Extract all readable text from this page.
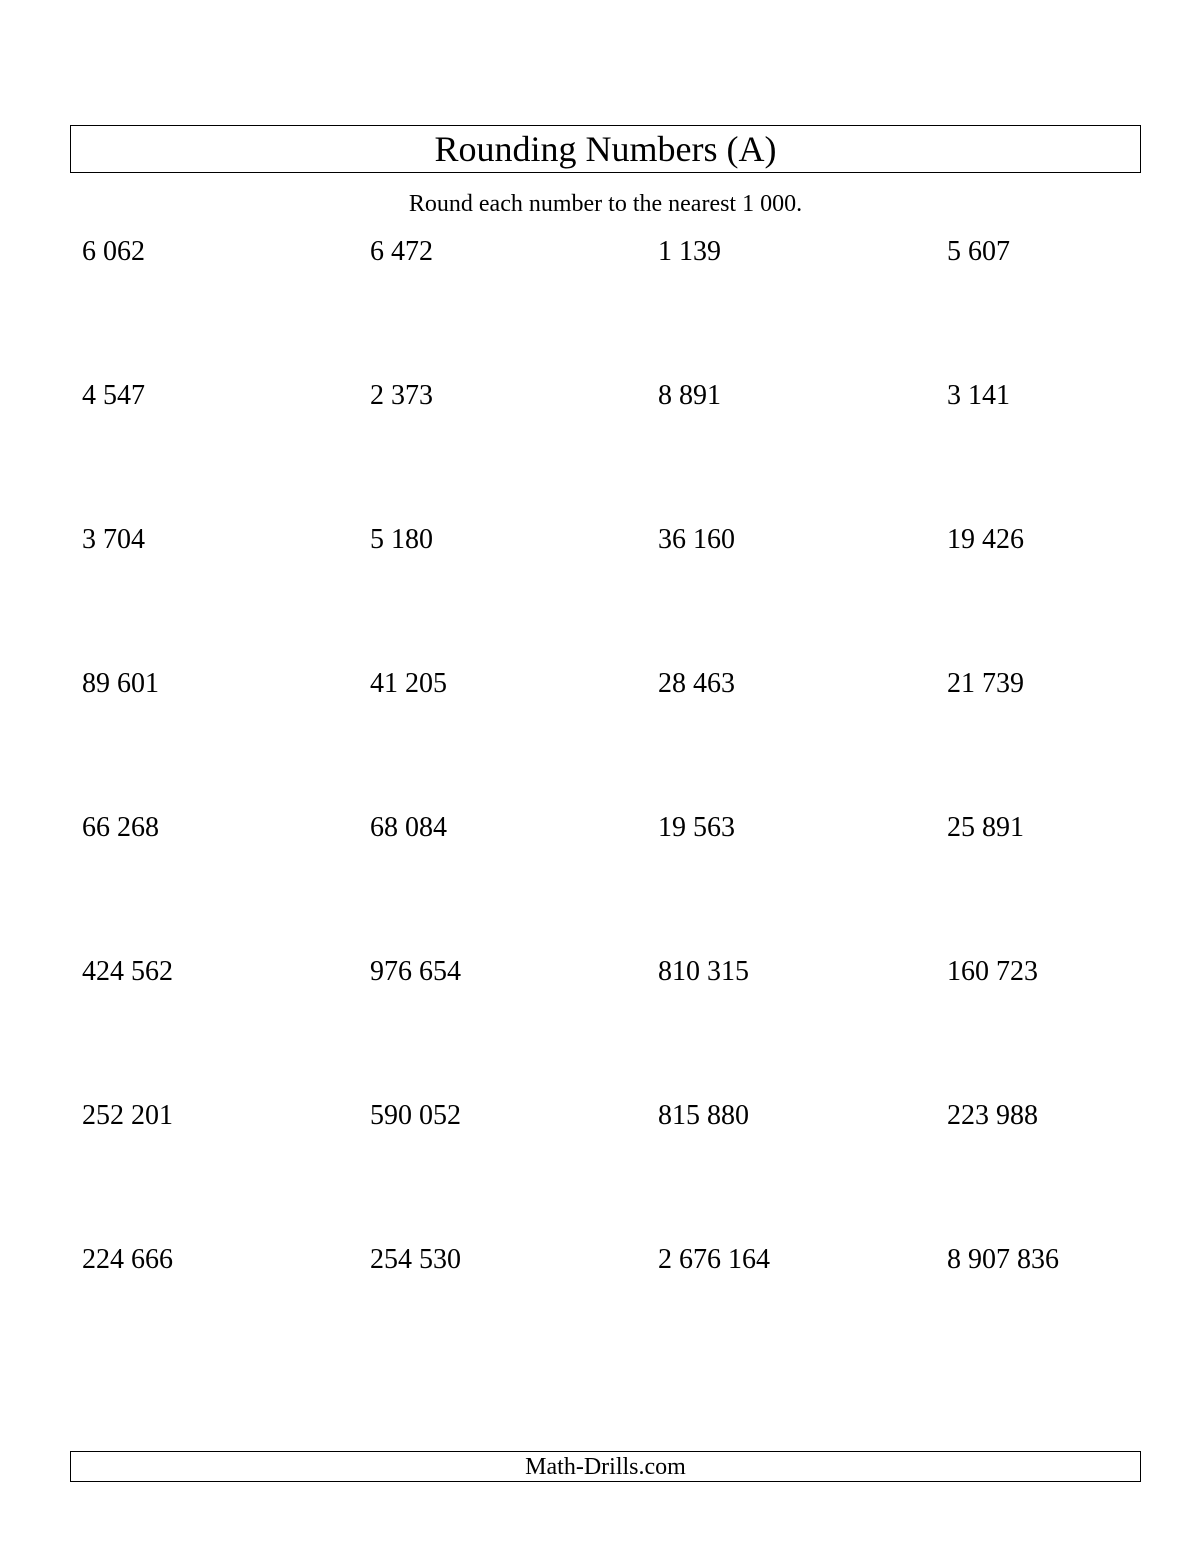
Rounding Numbers (A)
Round each number to the nearest 1 000.
6 062	6 472	1 139	5 607
4 547	2 373	8 891	3 141
3 704	5 180	36 160	19 426
89 601	41 205	28 463	21 739
66 268	68 084	19 563	25 891
424 562	976 654	810 315	160 723
252 201	590 052	815 880	223 988
224 666	254 530	2 676 164	8 907 836
Math-Drills.com
